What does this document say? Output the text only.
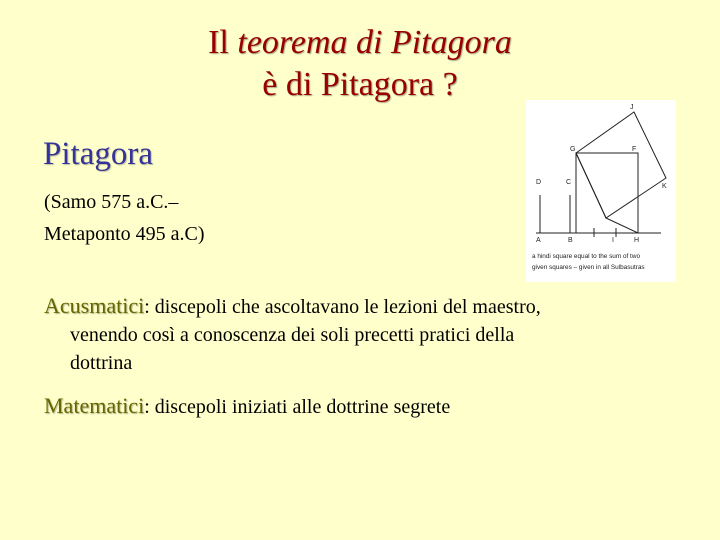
Il teorema di Pitagora
è di Pitagora ?
Pitagora
(Samo 575 a.C.–
Metaponto 495 a.C)
J
G	F
D	C
K
A	B	I	H
a hindi square equal to the sum of two
given squares – given in all Sulbasutras
Acusmatici: discepoli che ascoltavano le lezioni del maestro,
venendo così a conoscenza dei soli precetti pratici della
dottrina
Matematici: discepoli iniziati alle dottrine segrete
